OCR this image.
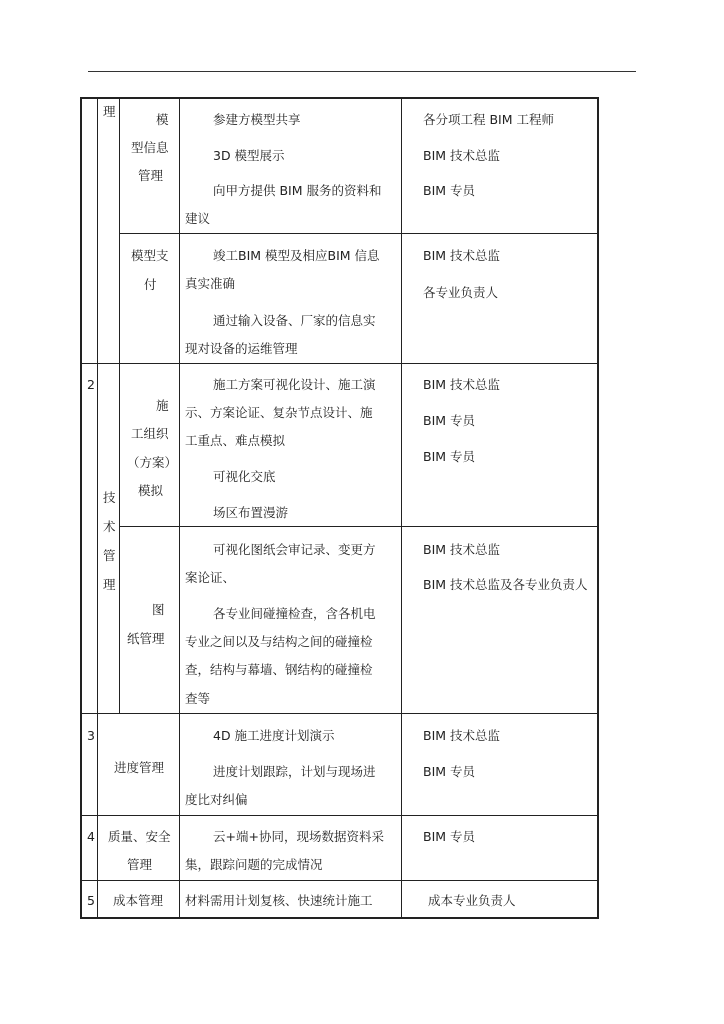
理
模
型信息
管理
参建方模型共享
3D 模型展示
向甲方提供 BIM 服务的资料和
建议
各分项工程 BIM 工程师
BIM 技术总监
BIM 专员
模型支
付
竣工BIM 模型及相应BIM 信息
真实准确
通过输入设备、厂家的信息实
现对设备的运维管理
BIM 技术总监
各专业负责人
2
技
术
管
理
施
工组织
（方案）
模拟
施工方案可视化设计、施工演
示、方案论证、复杂节点设计、施
工重点、难点模拟
可视化交底
场区布置漫游
BIM 技术总监
BIM 专员
BIM 专员
图
纸管理
可视化图纸会审记录、变更方
案论证、
各专业间碰撞检查，含各机电
专业之间以及与结构之间的碰撞检
查，结构与幕墙、钢结构的碰撞检
查等
BIM 技术总监
BIM 技术总监及各专业负责人
3
进度管理
4D 施工进度计划演示
进度计划跟踪，计划与现场进
度比对纠偏
BIM 技术总监
BIM 专员
4 质量、安全
管理
云+端+协同，现场数据资料采
集，跟踪问题的完成情况
BIM 专员
5 成本管理 材料需用计划复核、快速统计施工	成本专业负责人
